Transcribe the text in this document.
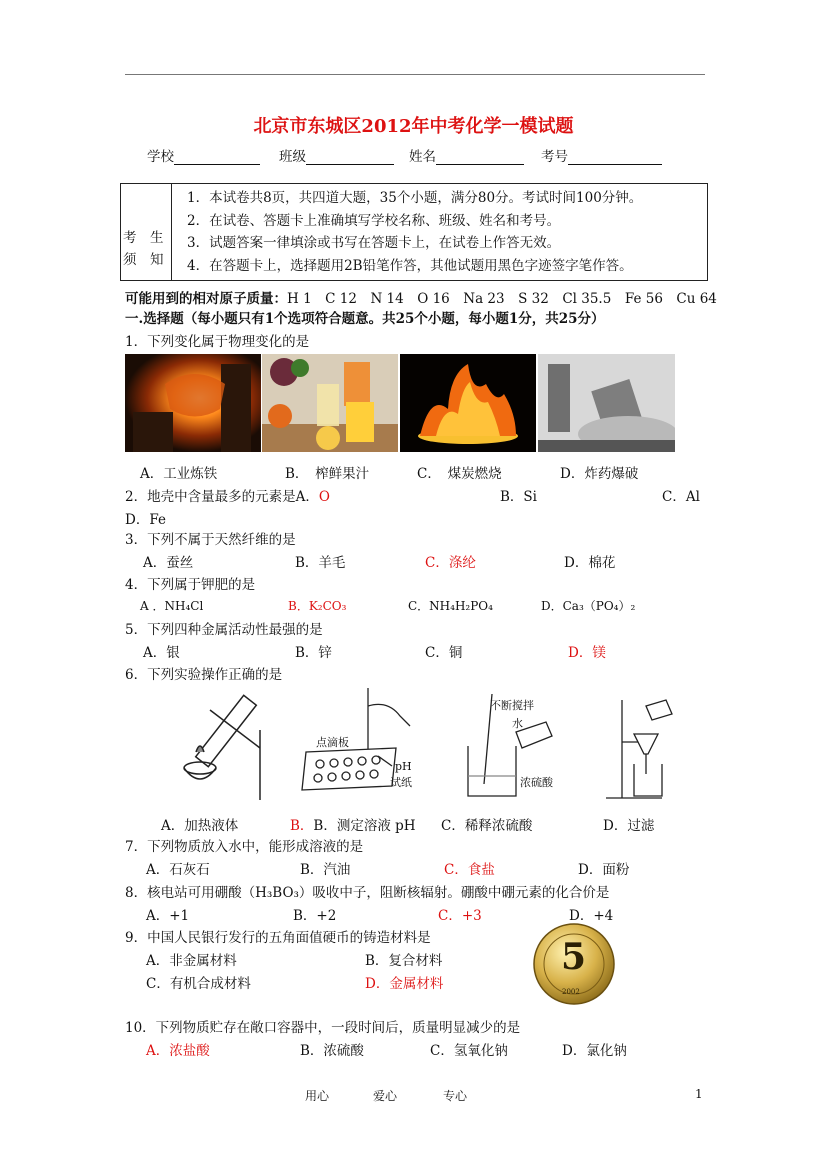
北京市东城区2012年中考化学一模试题
学校	班级	姓名	考号
考　生
须　知
1．本试卷共8页，共四道大题，35个小题，满分80分。考试时间100分钟。
2．在试卷、答题卡上准确填写学校名称、班级、姓名和考号。
3．试题答案一律填涂或书写在答题卡上，在试卷上作答无效。
4．在答题卡上，选择题用2B铅笔作答，其他试题用黑色字迹签字笔作答。
可能用到的相对原子质量：H 1　C 12　N 14　O 16　Na 23　S 32　Cl 35.5　Fe 56　Cu 64
一.选择题（每小题只有1个选项符合题意。共25个小题，每小题1分，共25分）
1．下列变化属于物理变化的是
A．工业炼铁	B．　榨鲜果汁	C．　煤炭燃烧	D．炸药爆破
2．地壳中含量最多的元素是A．O	B．Si	C．Al
D．Fe
3．下列不属于天然纤维的是
A．蚕丝	B．羊毛	C．涤纶	D．棉花
4．下列属于钾肥的是
A ．NH₄Cl	B．K₂CO₃	C．NH₄H₂PO₄	D．Ca₃（PO₄）₂
5．下列四种金属活动性最强的是
A．银	B．锌	C．铜	D．镁
6．下列实验操作正确的是
点滴板
pH
试纸
不断搅拌
水
浓硫酸
A．加热液体	B．B．测定溶液 pH C．稀释浓硫酸	D．过滤
7．下列物质放入水中，能形成溶液的是
A．石灰石	B．汽油	C．食盐	D．面粉
8．核电站可用硼酸（H₃BO₃）吸收中子，阻断核辐射。硼酸中硼元素的化合价是
A．+1	B．+2	C．+3	D．+4
9．中国人民银行发行的五角面值硬币的铸造材料是
A．非金属材料	B．复合材料
C．有机合成材料	D．金属材料
5
2002
10．下列物质贮存在敞口容器中，一段时间后，质量明显减少的是
A．浓盐酸	B．浓硫酸	C．氢氧化钠	D．氯化钠
用心	爱心	专心	1
